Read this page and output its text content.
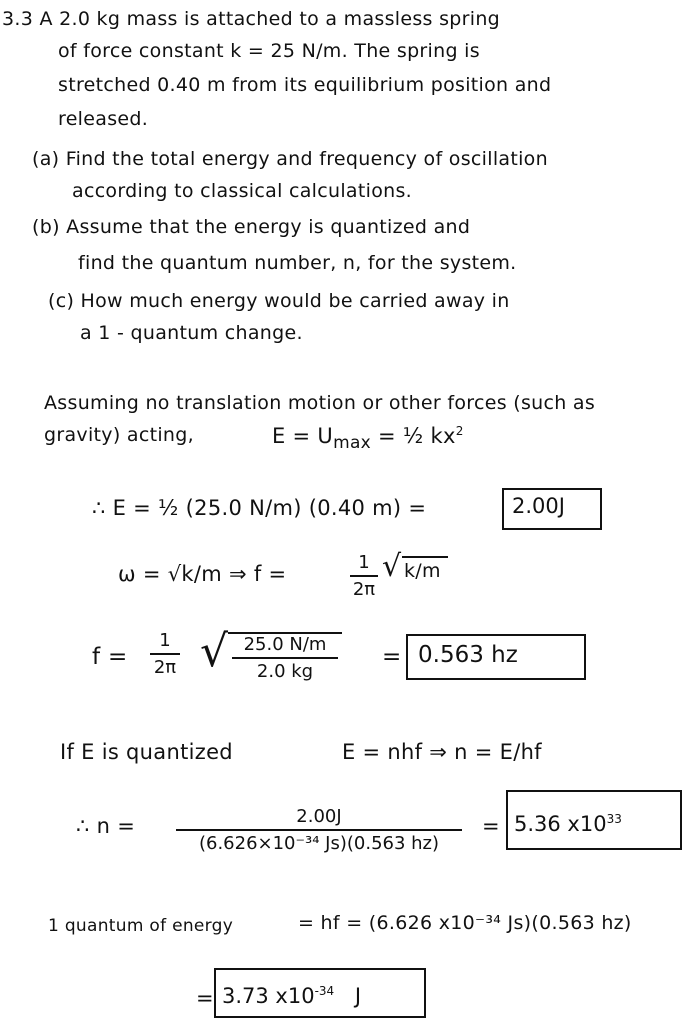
3.3 A 2.0 kg mass is attached to a massless spring
of force constant k = 25 N/m. The spring is
stretched 0.40 m from its equilibrium position and
released.
(a) Find the total energy and frequency of oscillation
according to classical calculations.
(b) Assume that the energy is quantized and
find the quantum number, n, for the system.
(c) How much energy would be carried away in
a 1 - quantum change.
Assuming no translation motion or other forces (such as
gravity) acting,	$E = U_{max}$ = ½ $kx^2$
∴ E = ½ (25.0 N/m) (0.40 m) =	2.00J
ω = √k/m ⇒ f =	1
2π
√ k/m
f =
1
2π √ 25.0 N/m
2.0 kg
= 0.563 hz
If E is quantized	E = nhf ⇒ n = E/hf
∴ n =	2.00J
(6.626×10⁻³⁴ Js)(0.563 hz)
= 5.36 $x10^{33}$
1 quantum of energy	= hf = (6.626 x10⁻³⁴ Js)(0.563 hz)
= 3.73 $x10^{-34}$ J
